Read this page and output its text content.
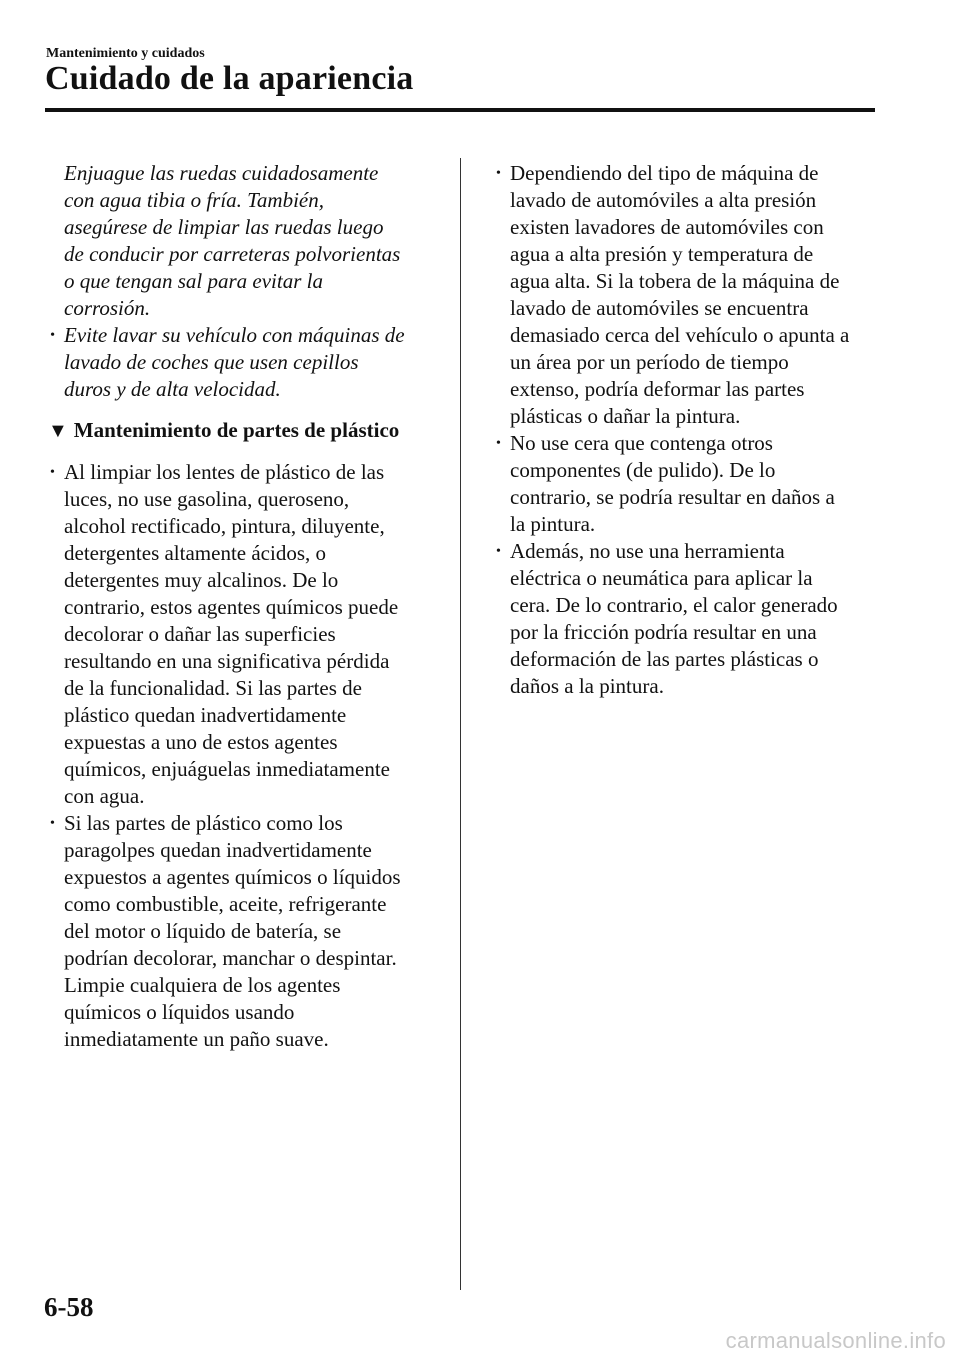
Mantenimiento y cuidados
Cuidado de la apariencia

Enjuague las ruedas cuidadosamente
con agua tibia o fría. También,
asegúrese de limpiar las ruedas luego
de conducir por carreteras polvorientas
o que tengan sal para evitar la
corrosión.

• Evite lavar su vehículo con máquinas de
lavado de coches que usen cepillos
duros y de alta velocidad.
▼ Mantenimiento de partes de plástico
• Al limpiar los lentes de plástico de las
luces, no use gasolina, queroseno,
alcohol rectificado, pintura, diluyente,
detergentes altamente ácidos, o
detergentes muy alcalinos. De lo
contrario, estos agentes químicos puede
decolorar o dañar las superficies
resultando en una significativa pérdida
de la funcionalidad. Si las partes de
plástico quedan inadvertidamente
expuestas a uno de estos agentes
químicos, enjuáguelas inmediatamente
con agua.
• Si las partes de plástico como los
paragolpes quedan inadvertidamente
expuestos a agentes químicos o líquidos
como combustible, aceite, refrigerante
del motor o líquido de batería, se
podrían decolorar, manchar o despintar.
Limpie cualquiera de los agentes
químicos o líquidos usando
inmediatamente un paño suave.
• Dependiendo del tipo de máquina de
lavado de automóviles a alta presión
existen lavadores de automóviles con
agua a alta presión y temperatura de
agua alta. Si la tobera de la máquina de
lavado de automóviles se encuentra
demasiado cerca del vehículo o apunta a
un área por un período de tiempo
extenso, podría deformar las partes
plásticas o dañar la pintura.
• No use cera que contenga otros
componentes (de pulido). De lo
contrario, se podría resultar en daños a
la pintura.
• Además, no use una herramienta
eléctrica o neumática para aplicar la
cera. De lo contrario, el calor generado
por la fricción podría resultar en una
deformación de las partes plásticas o
daños a la pintura.
6-58
carmanualsonline.info
